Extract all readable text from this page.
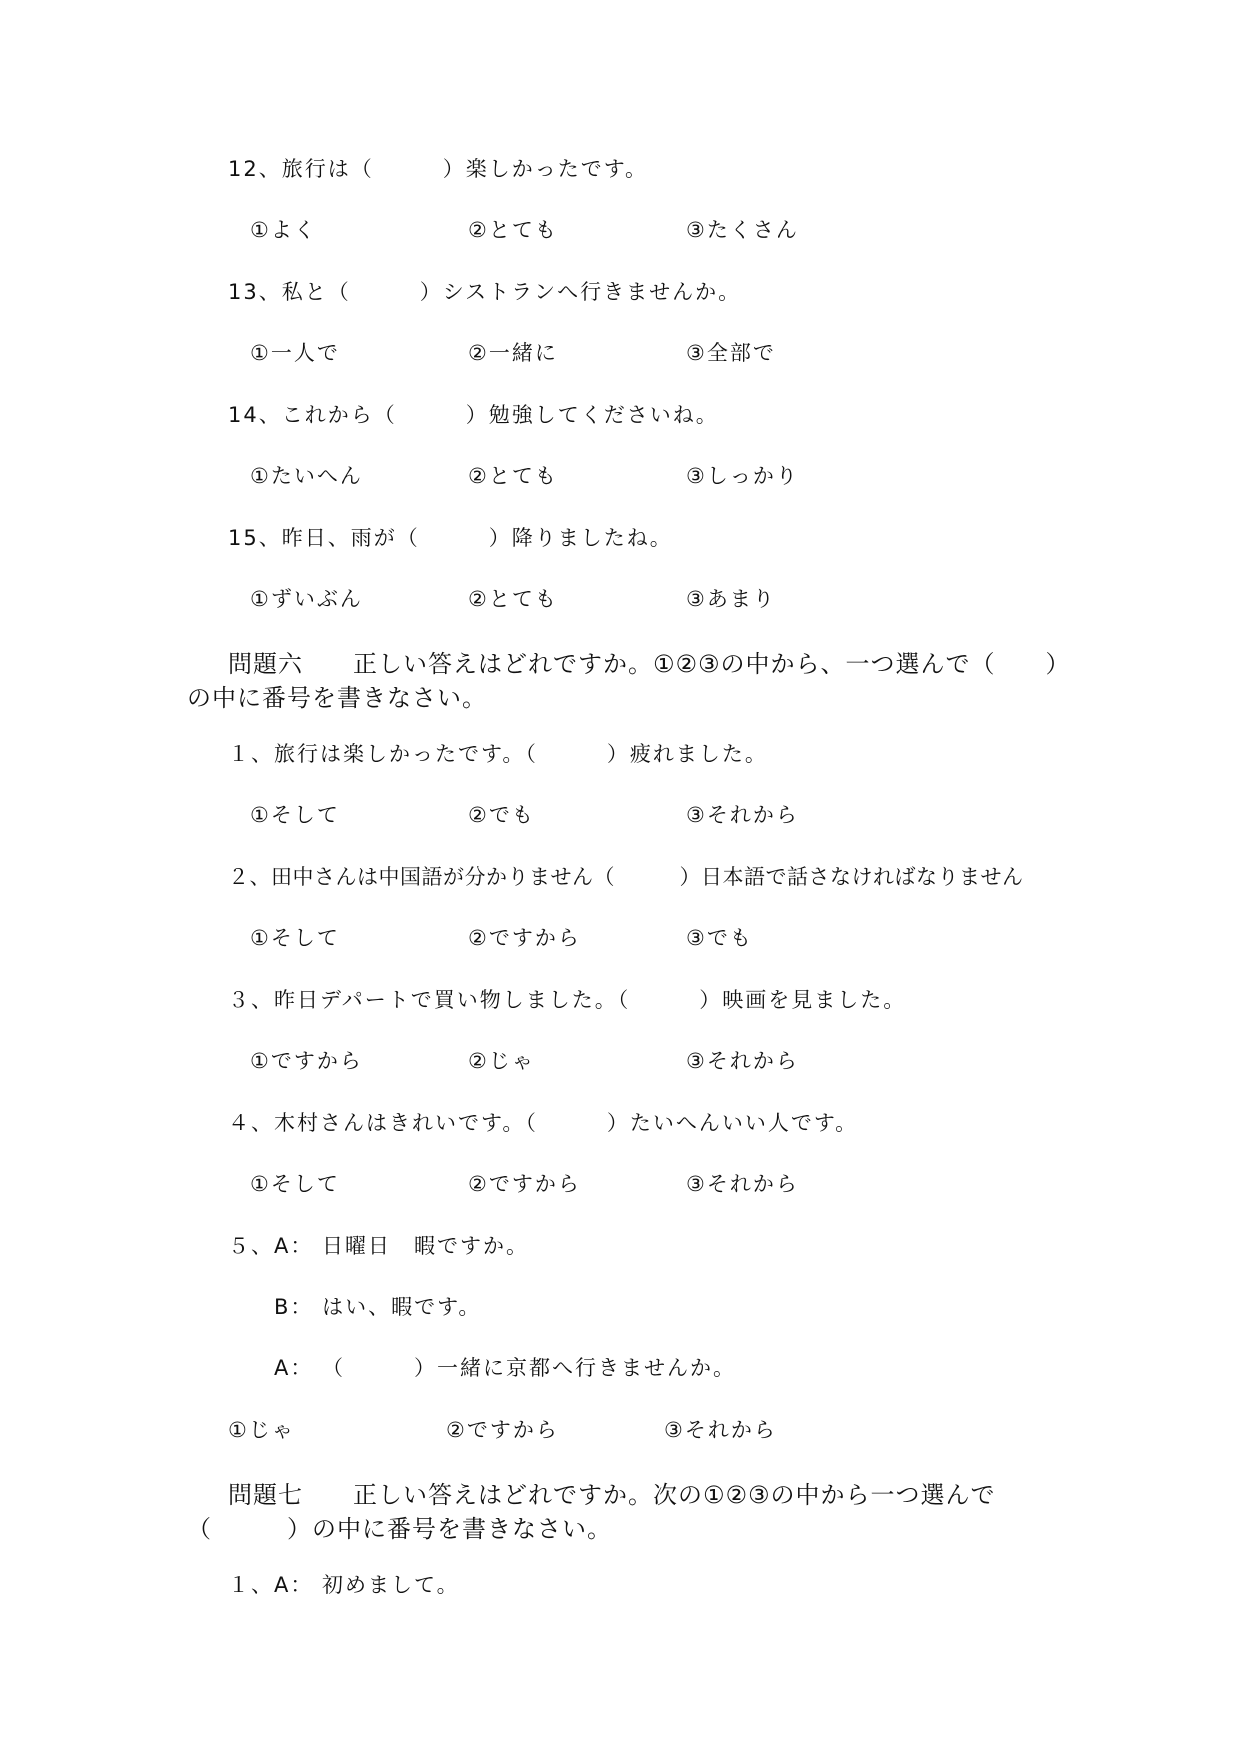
12、旅行は（　　　）楽しかったです。
①よく	②とても	③たくさん
13、私と（　　　）シストランへ行きませんか。
①一人で	②一緒に	③全部で
14、これから（　　　）勉強してくださいね。
①たいへん	②とても	③しっかり
15、昨日、雨が（　　　）降りましたね。
①ずいぶん	②とても	③あまり
問題六　　正しい答えはどれですか。①②③の中から、一つ選んで（　　）
の中に番号を書きなさい。
１、旅行は楽しかったです。（　　　）疲れました。
①そして	②でも	③それから
２、田中さんは中国語が分かりません（　　　）日本語で話さなければなりません
①そして	②ですから	③でも
３、昨日デパートで買い物しました。（　　　）映画を見ました。
①ですから	②じゃ	③それから
４、木村さんはきれいです。（　　　）たいへんいい人です。
①そして	②ですから	③それから
５、A： 日曜日　暇ですか。
B： はい、暇です。
A： （　　　）一緒に京都へ行きませんか。
①じゃ	②ですから	③それから
問題七　　正しい答えはどれですか。次の①②③の中から一つ選んで
（　　　）の中に番号を書きなさい。
１、A： 初めまして。
